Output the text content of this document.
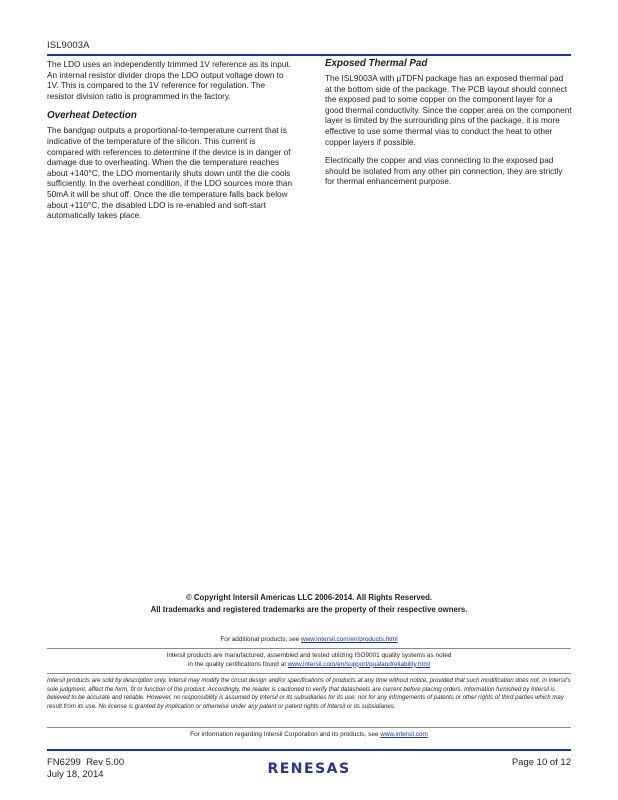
ISL9003A

The LDO uses an independently trimmed 1V reference as its input. An internal resistor divider drops the LDO output voltage down to 1V. This is compared to the 1V reference for regulation. The resistor division ratio is programmed in the factory.

Overheat Detection

The bandgap outputs a proportional-to-temperature current that is indicative of the temperature of the silicon. This current is compared with references to determine if the device is in danger of damage due to overheating. When the die temperature reaches about +140°C, the LDO momentarily shuts down until the die cools sufficiently. In the overheat condition, if the LDO sources more than 50mA it will be shut off. Once the die temperature falls back below about +110°C, the disabled LDO is re-enabled and soft-start automatically takes place.

Exposed Thermal Pad

The ISL9003A with µTDFN package has an exposed thermal pad at the bottom side of the package. The PCB layout should connect the exposed pad to some copper on the component layer for a good thermal conductivity. Since the copper area on the component layer is limited by the surrounding pins of the package, it is more effective to use some thermal vias to conduct the heat to other copper layers if possible.

Electrically the copper and vias connecting to the exposed pad should be isolated from any other pin connection, they are strictly for thermal enhancement purpose.

© Copyright Intersil Americas LLC 2006-2014. All Rights Reserved.
All trademarks and registered trademarks are the property of their respective owners.
For additional products, see www.intersil.com/en/products.html
Intersil products are manufactured, assembled and tested utilizing ISO9001 quality systems as noted
in the quality certifications found at www.intersil.com/en/support/qualandreliability.html
Intersil products are sold by description only. Intersil may modify the circuit design and/or specifications of products at any time without notice, provided that such modification does not, in Intersil's sole judgment, affect the form, fit or function of the product. Accordingly, the reader is cautioned to verify that datasheets are current before placing orders. Information furnished by Intersil is believed to be accurate and reliable. However, no responsibility is assumed by Intersil or its subsidiaries for its use; nor for any infringements of patents or other rights of third parties which may result from its use. No license is granted by implication or otherwise under any patent or patent rights of Intersil or its subsidiaries.
For information regarding Intersil Corporation and its products, see www.intersil.com
FN6299  Rev 5.00
July 18, 2014	RENESAS	Page 10 of 12
